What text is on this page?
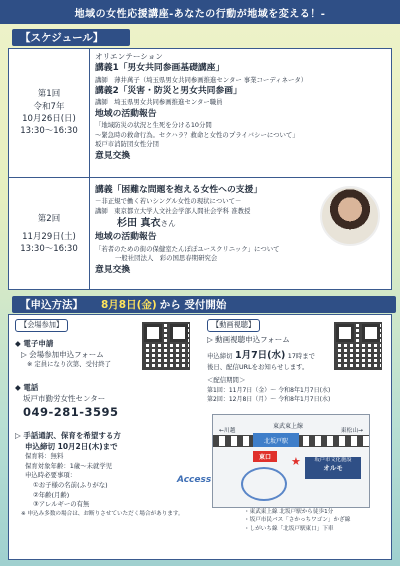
地域の女性応援講座-あなたの行動が地域を変える！-
【スケジュール】
第1回
令和7年
10月26日(日)
13:30～16:30
オリエンテーション
講義1「男女共同参画基礎講座」
講師　薄井萬子（埼玉県男女共同参画推進センター 事業コーディネータ）
講義2「災害・防災と男女共同参画」
講師　埼玉県男女共同参画推進センター職員
地域の活動報告
「地域防災の状況と生死を分ける10分間
～緊急時の救命行為。セクハラ？救命と女性のプライバシーについて」
坂戸市消防団女性分団
意見交換
第2回
11月29日(土)
13:30～16:30
講義「困難な問題を抱える女性への支援」
－非正規で働く若いシングル女性の現状について－
講師　東京都立大学人文社会学部人間社会学科 准教授
杉田 真衣さん
地域の活動報告
「若者のための街の保健室たんぽぽユースクリニック」について
一般社団法人　彩の国思春期研究会
意見交換
【申込方法】 8月8日(金) から 受付開始
【会場参加】
◆ 電子申請
▷ 会場参加申込フォーム
※ 定員になり次第、受付終了
◆ 電話
坂戸市勤労女性センター
049-281-3595
▷ 手話通訳、保育を希望する方
申込締切 10月2日(木)まで
保育料：無料
保育対象年齢：1歳～未就学児
申込時必要事項：
①お子様の名前(ふりがな)
②年齢(月齢)
③アレルギーの有無
※ 申込み多数の場合は、お断りさせていただく場合があります。
【動画視聴】
▷ 動画視聴申込フォーム
申込締切 1月7日(水) 17時まで
後日、配信URLをお知らせします。
＜配信期間＞
第1回：11月7日（金）～ 令和8年1月7日(水)
第2回：12月8日（月）～ 令和8年1月7日(水)
東武東上線
←川越	東松山→
北坂戸駅
東口	★	坂戸市文化施設
オルモ
Access
・東武東上線 北坂戸駅から徒歩1分
・坂戸市民バス「さかっちワゴン」かざ線
・しがいち線「北坂戸駅東口」下車
